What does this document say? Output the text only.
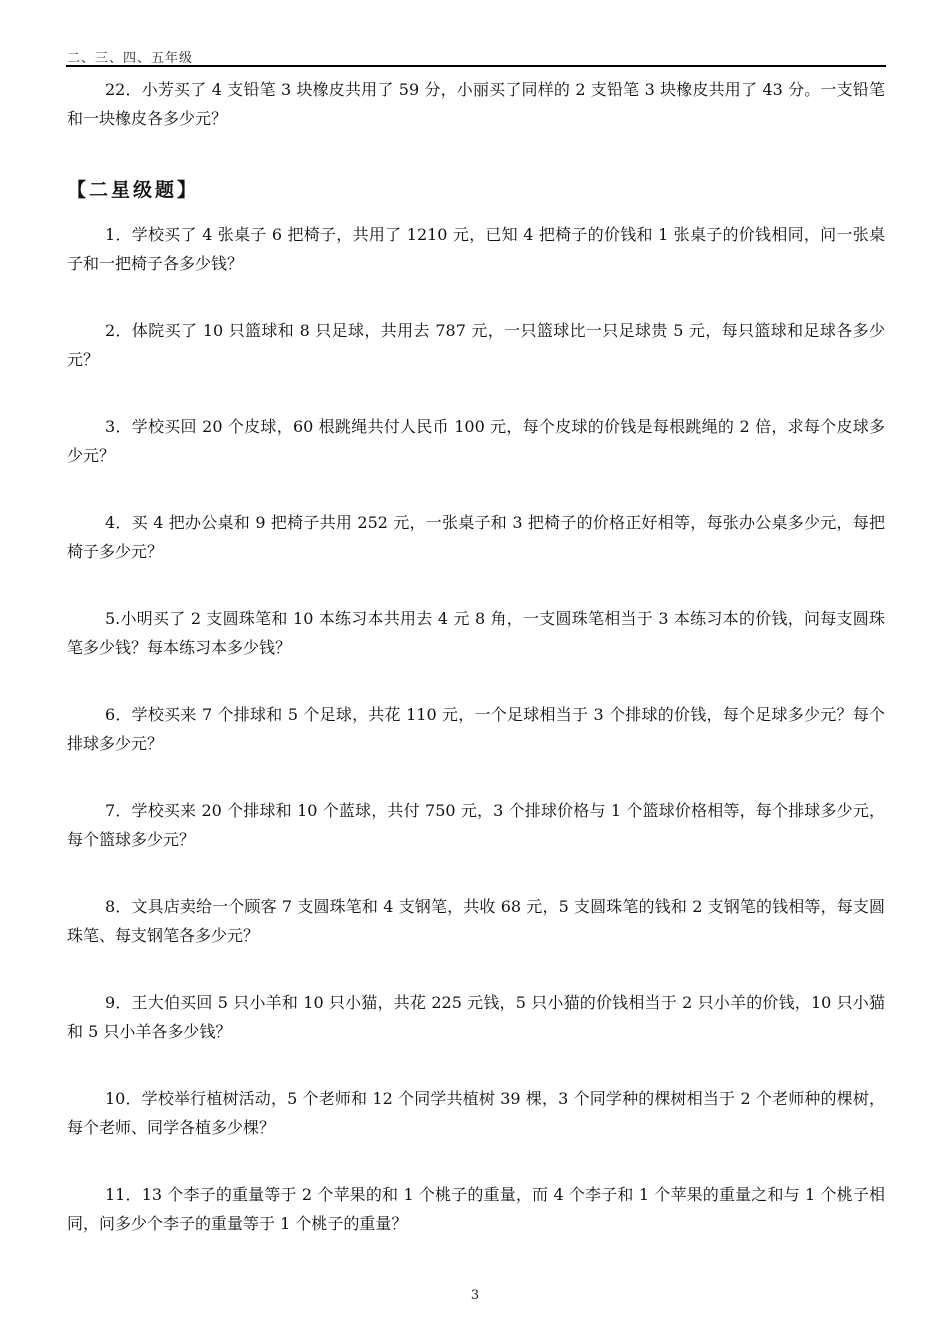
二、三、四、五年级

22．小芳买了 4 支铅笔 3 块橡皮共用了 59 分，小丽买了同样的 2 支铅笔 3 块橡皮共用了 43 分。一支铅笔和一块橡皮各多少元？

【二星级题】

1．学校买了 4 张桌子 6 把椅子，共用了 1210 元，已知 4 把椅子的价钱和 1 张桌子的价钱相同，问一张桌子和一把椅子各多少钱？

2．体院买了 10 只篮球和 8 只足球，共用去 787 元，一只篮球比一只足球贵 5 元，每只篮球和足球各多少元？

3．学校买回 20 个皮球，60 根跳绳共付人民币 100 元，每个皮球的价钱是每根跳绳的 2 倍，求每个皮球多少元？

4．买 4 把办公桌和 9 把椅子共用 252 元，一张桌子和 3 把椅子的价格正好相等，每张办公桌多少元，每把椅子多少元？

5.小明买了 2 支圆珠笔和 10 本练习本共用去 4 元 8 角，一支圆珠笔相当于 3 本练习本的价钱，问每支圆珠笔多少钱？每本练习本多少钱？

6．学校买来 7 个排球和 5 个足球，共花 110 元，一个足球相当于 3 个排球的价钱，每个足球多少元？每个排球多少元？

7．学校买来 20 个排球和 10 个蓝球，共付 750 元，3 个排球价格与 1 个篮球价格相等，每个排球多少元，每个篮球多少元？

8．文具店卖给一个顾客 7 支圆珠笔和 4 支钢笔，共收 68 元，5 支圆珠笔的钱和 2 支钢笔的钱相等，每支圆珠笔、每支钢笔各多少元？

9．王大伯买回 5 只小羊和 10 只小猫，共花 225 元钱，5 只小猫的价钱相当于 2 只小羊的价钱，10 只小猫和 5 只小羊各多少钱？

10．学校举行植树活动，5 个老师和 12 个同学共植树 39 棵，3 个同学种的棵树相当于 2 个老师种的棵树，每个老师、同学各植多少棵？

11．13 个李子的重量等于 2 个苹果的和 1 个桃子的重量，而 4 个李子和 1 个苹果的重量之和与 1 个桃子相同，问多少个李子的重量等于 1 个桃子的重量？

3
